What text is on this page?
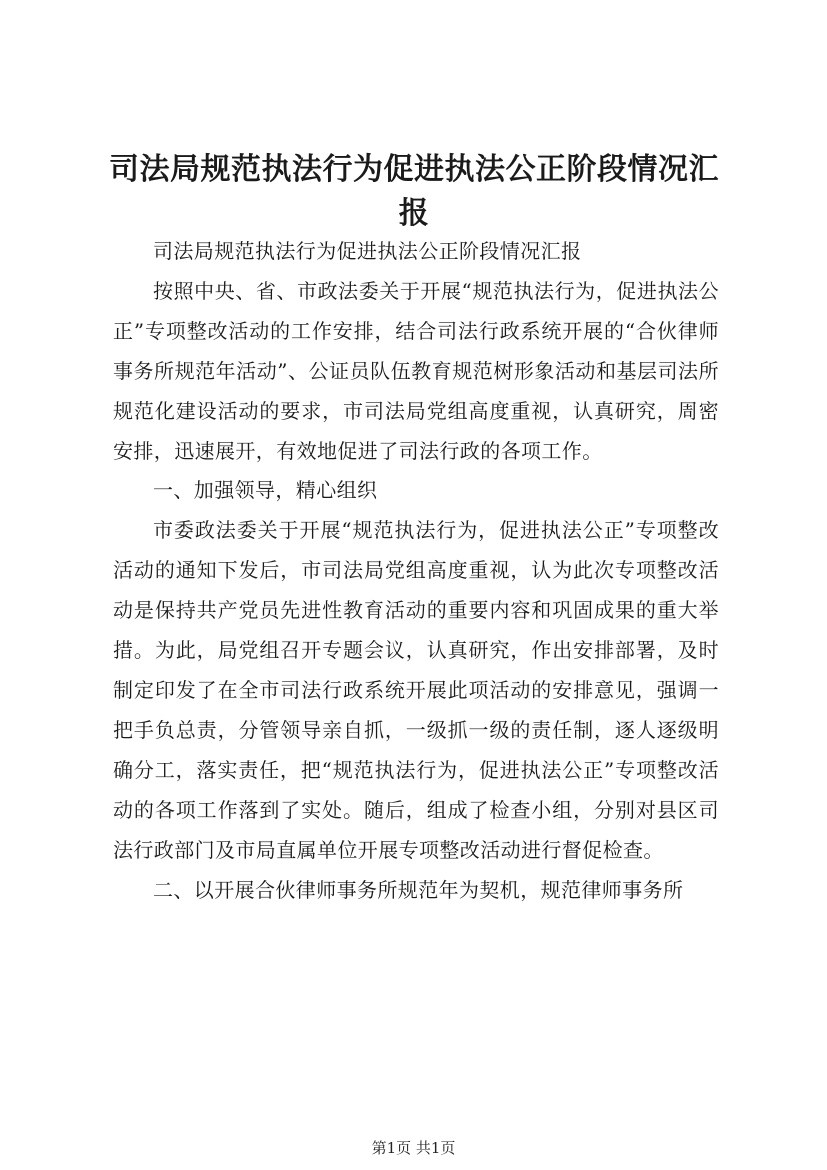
司法局规范执法行为促进执法公正阶段情况汇报

司法局规范执法行为促进执法公正阶段情况汇报

按照中央、省、市政法委关于开展“规范执法行为，促进执法公正”专项整改活动的工作安排，结合司法行政系统开展的“合伙律师事务所规范年活动”、公证员队伍教育规范树形象活动和基层司法所规范化建设活动的要求，市司法局党组高度重视，认真研究，周密安排，迅速展开，有效地促进了司法行政的各项工作。

一、加强领导，精心组织

市委政法委关于开展“规范执法行为，促进执法公正”专项整改活动的通知下发后，市司法局党组高度重视，认为此次专项整改活动是保持共产党员先进性教育活动的重要内容和巩固成果的重大举措。为此，局党组召开专题会议，认真研究，作出安排部署，及时制定印发了在全市司法行政系统开展此项活动的安排意见，强调一把手负总责，分管领导亲自抓，一级抓一级的责任制，逐人逐级明确分工，落实责任，把“规范执法行为，促进执法公正”专项整改活动的各项工作落到了实处。随后，组成了检查小组，分别对县区司法行政部门及市局直属单位开展专项整改活动进行督促检查。

二、以开展合伙律师事务所规范年为契机，规范律师事务所

第1页 共1页
